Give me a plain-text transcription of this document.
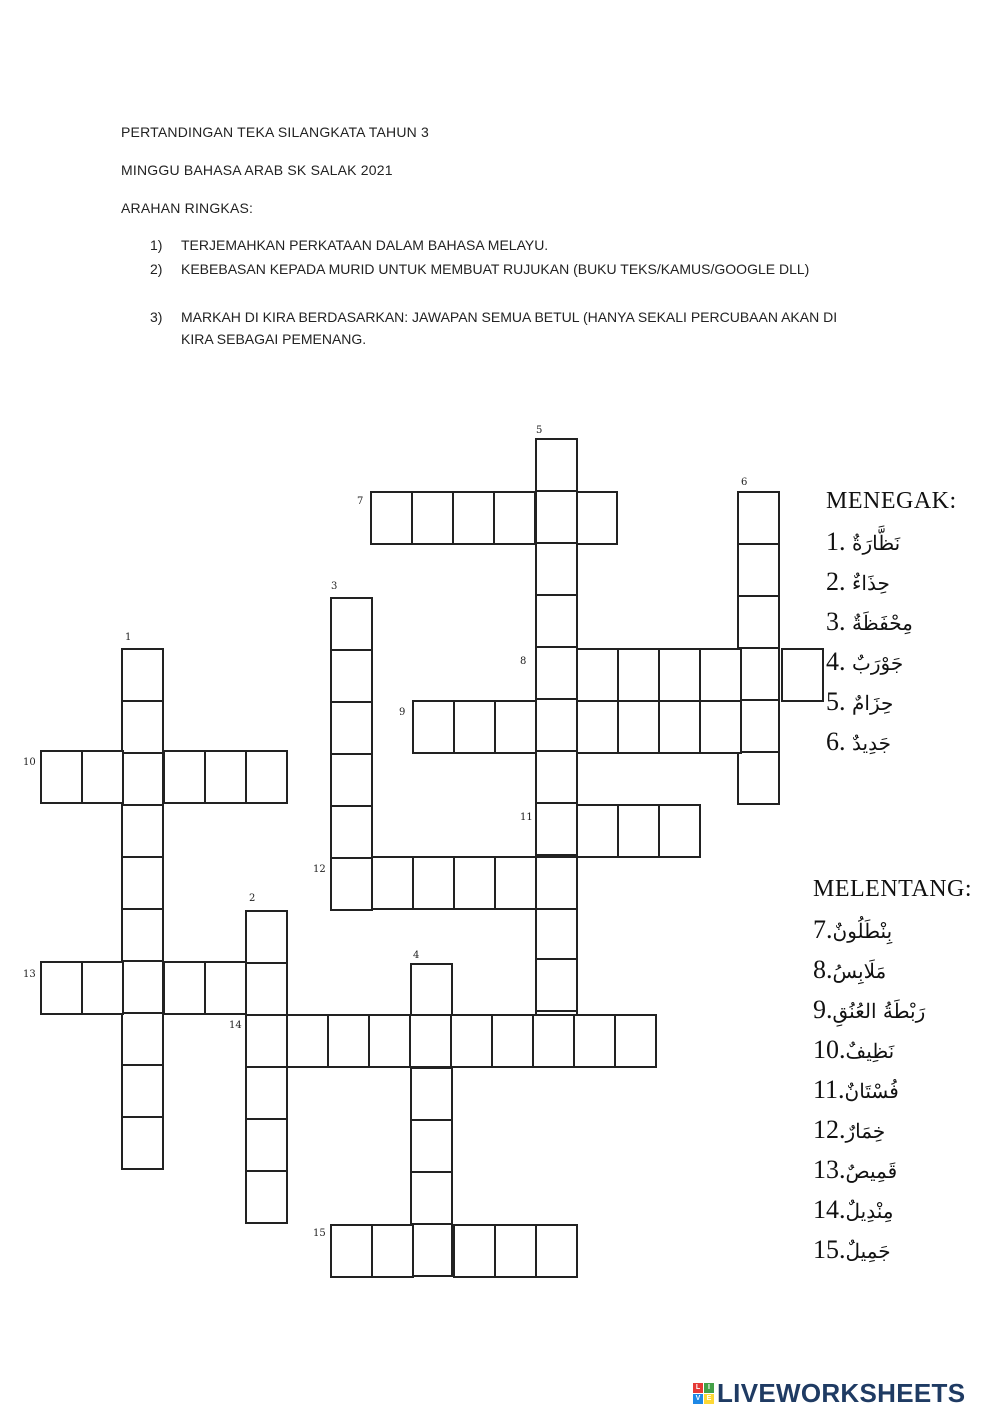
PERTANDINGAN TEKA SILANGKATA TAHUN 3
MINGGU BAHASA ARAB SK SALAK 2021
ARAHAN RINGKAS:
1) TERJEMAHKAN PERKATAAN DALAM BAHASA MELAYU.
2) KEBEBASAN KEPADA MURID UNTUK MEMBUAT RUJUKAN (BUKU TEKS/KAMUS/GOOGLE DLL)
3) MARKAH DI KIRA BERDASARKAN: JAWAPAN SEMUA BETUL (HANYA SEKALI PERCUBAAN AKAN DI KIRA SEBAGAI PEMENANG.
1
2
3
4
5
6
7
8
9
10
11
12
13
14
15
MENEGAK:
1. نَظَّارَةٌ
2. حِذَاءٌ
3. مِحْفَظَةٌ
4. جَوْرَبٌ
5. حِزَامٌ
6. جَدِيدٌ
MELENTANG:
7.بِنْطَلُونٌ
8.مَلَابِسُ
9.رَبْطَةُ العُنُقِ
10.نَظِيفٌ
11.فُسْتَانٌ
12.خِمَارٌ
13.قَمِيصٌ
14.مِنْدِيلٌ
15.جَمِيلٌ
L	I
V E LIVEWORKSHEETS
